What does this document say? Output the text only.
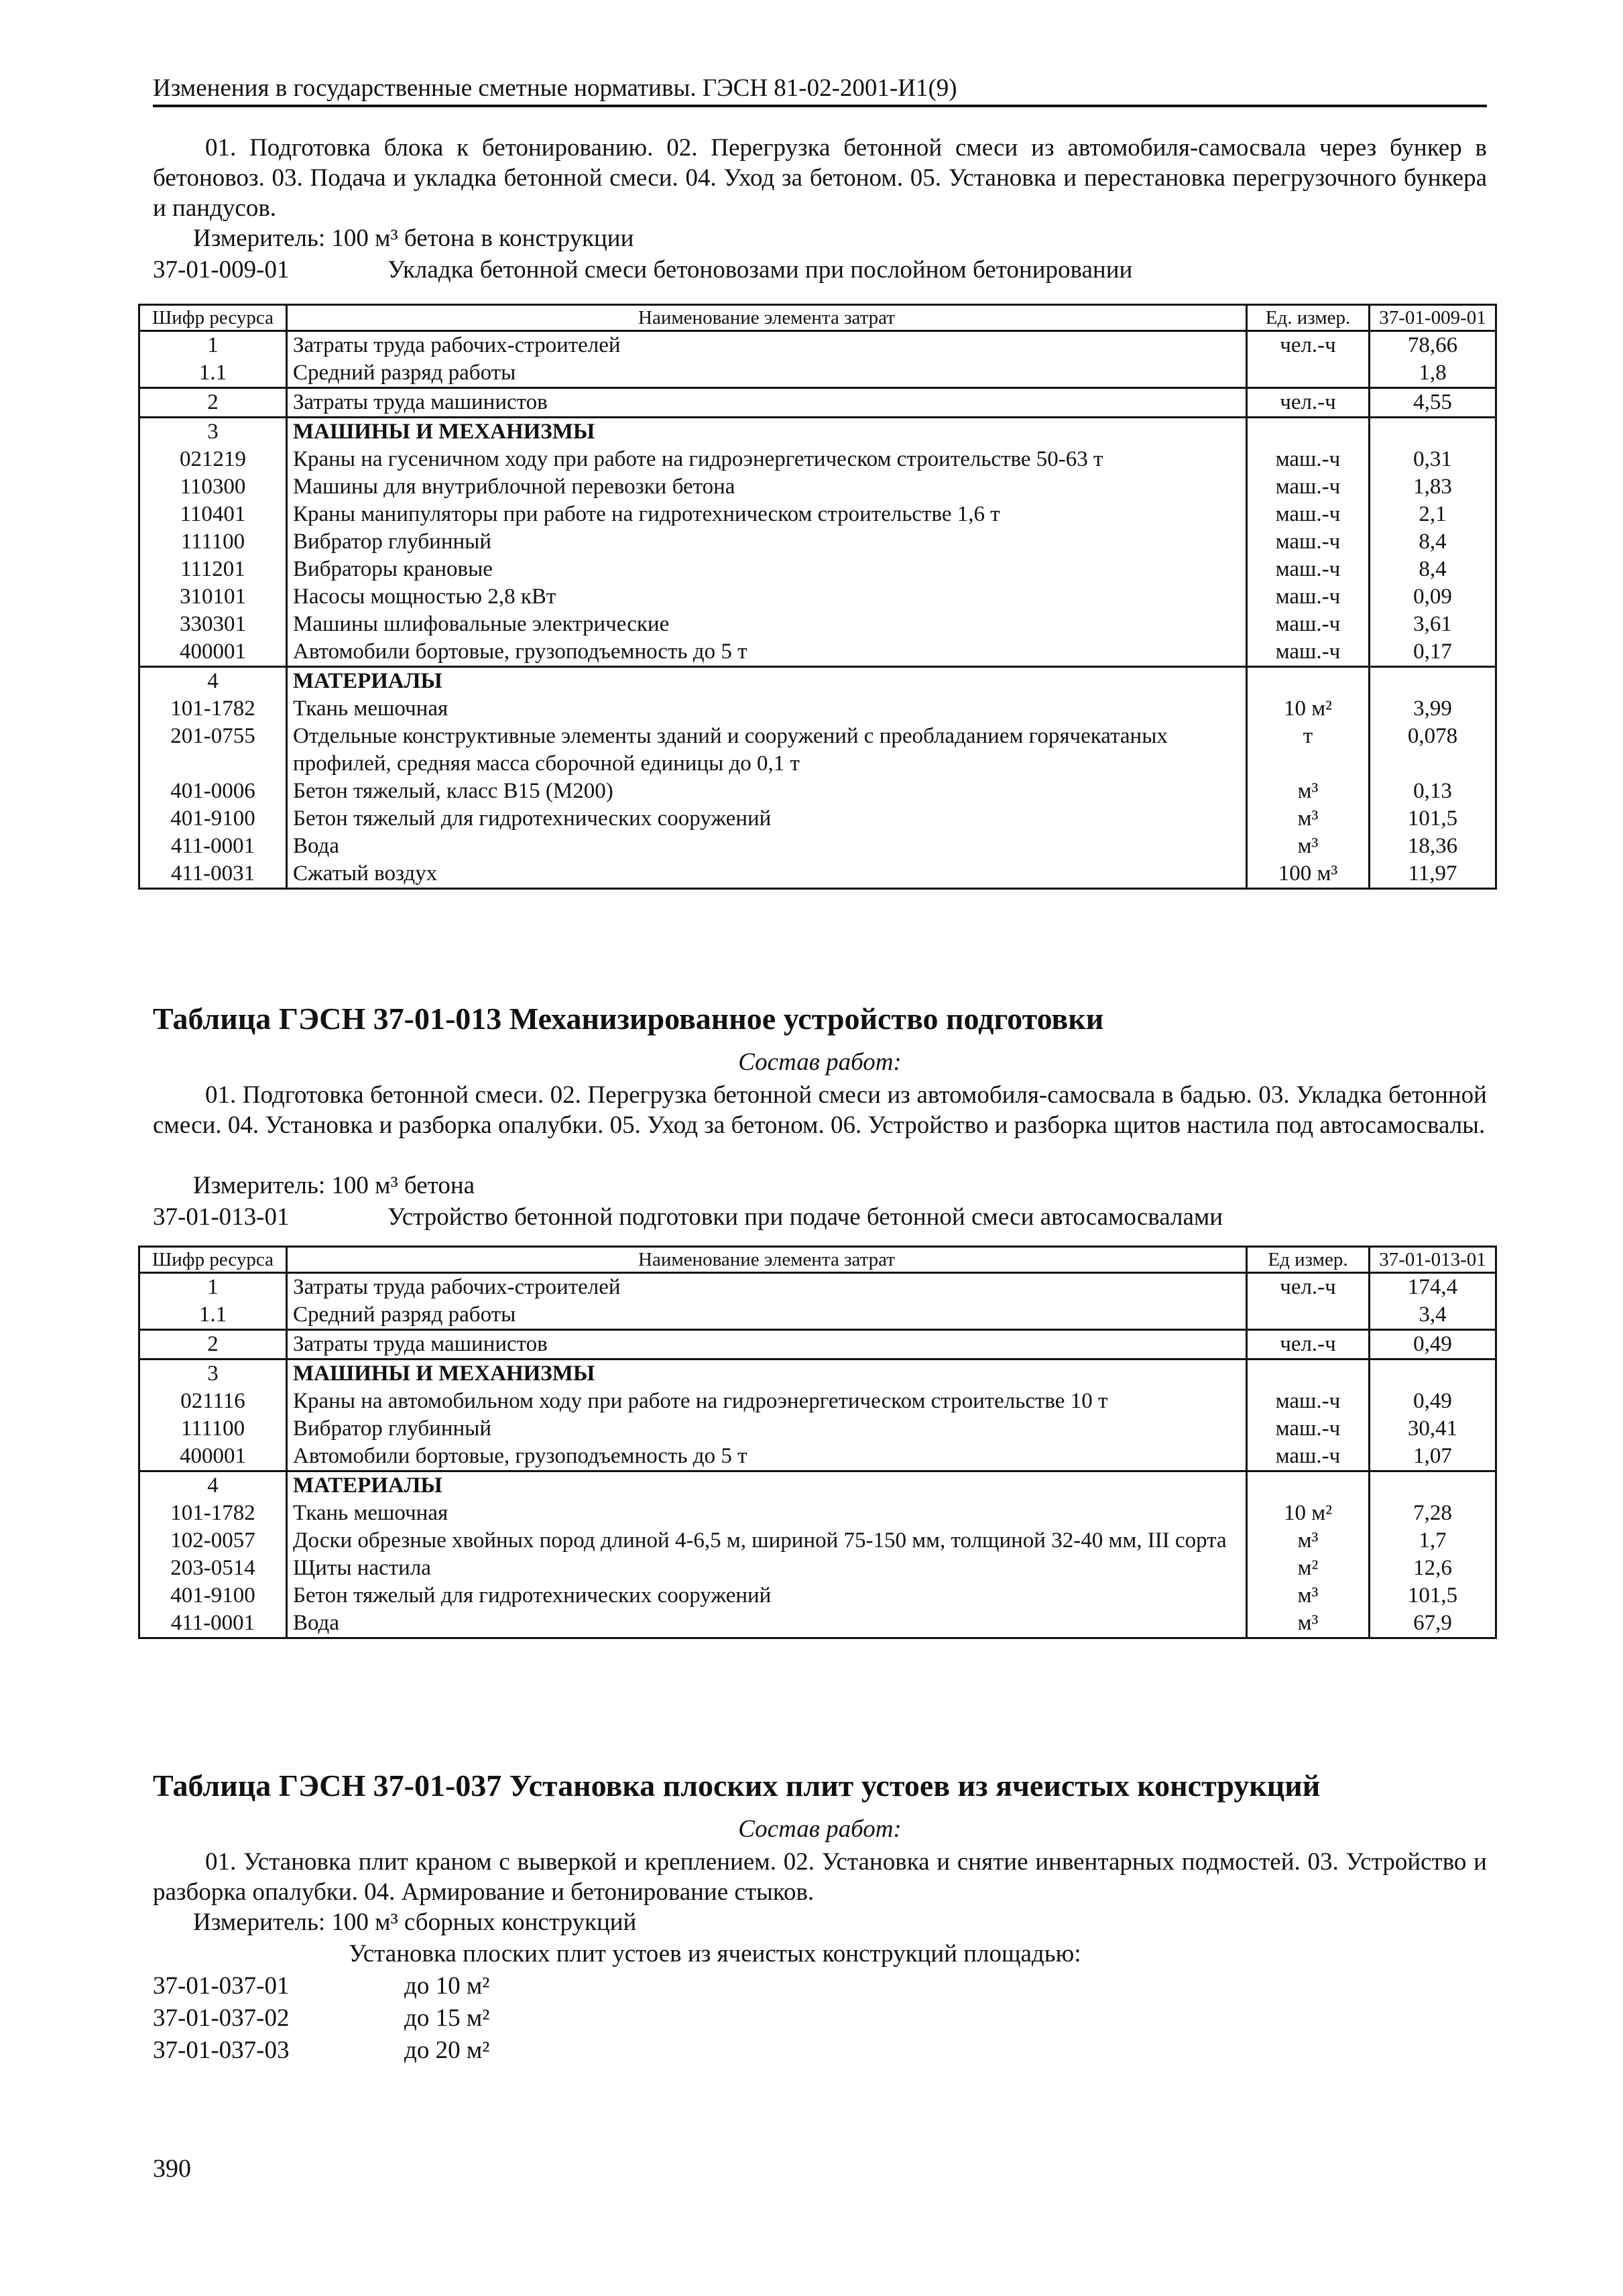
Изменения в государственные сметные нормативы. ГЭСН 81-02-2001-И1(9)
01. Подготовка блока к бетонированию. 02. Перегрузка бетонной смеси из автомобиля-самосвала через бункер в бетоновоз. 03. Подача и укладка бетонной смеси. 04. Уход за бетоном. 05. Установка и перестановка перегрузочного бункера и пандусов.
Измеритель: 100 м³ бетона в конструкции
37-01-009-01	Укладка бетонной смеси бетоновозами при послойном бетонировании
Шифр ресурса	Наименование элемента затрат	Ед. измер.	37-01-009-01
1	Затраты труда рабочих-строителей	чел.-ч	78,66
1.1	Средний разряд работы		1,8
2	Затраты труда машинистов	чел.-ч	4,55
3	МАШИНЫ И МЕХАНИЗМЫ		
021219	Краны на гусеничном ходу при работе на гидроэнергетическом строительстве 50-63 т	маш.-ч	0,31
110300	Машины для внутриблочной перевозки бетона	маш.-ч	1,83
110401	Краны манипуляторы при работе на гидротехническом строительстве 1,6 т	маш.-ч	2,1
111100	Вибратор глубинный	маш.-ч	8,4
111201	Вибраторы крановые	маш.-ч	8,4
310101	Насосы мощностью 2,8 кВт	маш.-ч	0,09
330301	Машины шлифовальные электрические	маш.-ч	3,61
400001	Автомобили бортовые, грузоподъемность до 5 т	маш.-ч	0,17
4	МАТЕРИАЛЫ		
101-1782	Ткань мешочная	10 м²	3,99
201-0755	Отдельные конструктивные элементы зданий и сооружений с преобладанием горячекатаных профилей, средняя масса сборочной единицы до 0,1 т	т	0,078
401-0006	Бетон тяжелый, класс В15 (М200)	м³	0,13
401-9100	Бетон тяжелый для гидротехнических сооружений	м³	101,5
411-0001	Вода	м³	18,36
411-0031	Сжатый воздух	100 м³	11,97
Таблица ГЭСН 37-01-013 Механизированное устройство подготовки
Состав работ:
01. Подготовка бетонной смеси. 02. Перегрузка бетонной смеси из автомобиля-самосвала в бадью. 03. Укладка бетонной смеси. 04. Установка и разборка опалубки. 05. Уход за бетоном. 06. Устройство и разборка щитов настила под автосамосвалы.
Измеритель: 100 м³ бетона
37-01-013-01	Устройство бетонной подготовки при подаче бетонной смеси автосамосвалами
Шифр ресурса	Наименование элемента затрат	Ед измер.	37-01-013-01
1	Затраты труда рабочих-строителей	чел.-ч	174,4
1.1	Средний разряд работы		3,4
2	Затраты труда машинистов	чел.-ч	0,49
3	МАШИНЫ И МЕХАНИЗМЫ		
021116	Краны на автомобильном ходу при работе на гидроэнергетическом строительстве 10 т	маш.-ч	0,49
111100	Вибратор глубинный	маш.-ч	30,41
400001	Автомобили бортовые, грузоподъемность до 5 т	маш.-ч	1,07
4	МАТЕРИАЛЫ		
101-1782	Ткань мешочная	10 м²	7,28
102-0057	Доски обрезные хвойных пород длиной 4-6,5 м, шириной 75-150 мм, толщиной 32-40 мм, III сорта	м³	1,7
203-0514	Щиты настила	м²	12,6
401-9100	Бетон тяжелый для гидротехнических сооружений	м³	101,5
411-0001	Вода	м³	67,9
Таблица ГЭСН 37-01-037 Установка плоских плит устоев из ячеистых конструкций
Состав работ:
01. Установка плит краном с выверкой и креплением. 02. Установка и снятие инвентарных подмостей. 03. Устройство и разборка опалубки. 04. Армирование и бетонирование стыков.
Измеритель: 100 м³ сборных конструкций
Установка плоских плит устоев из ячеистых конструкций площадью:
37-01-037-01	до 10 м²
37-01-037-02	до 15 м²
37-01-037-03	до 20 м²
390
